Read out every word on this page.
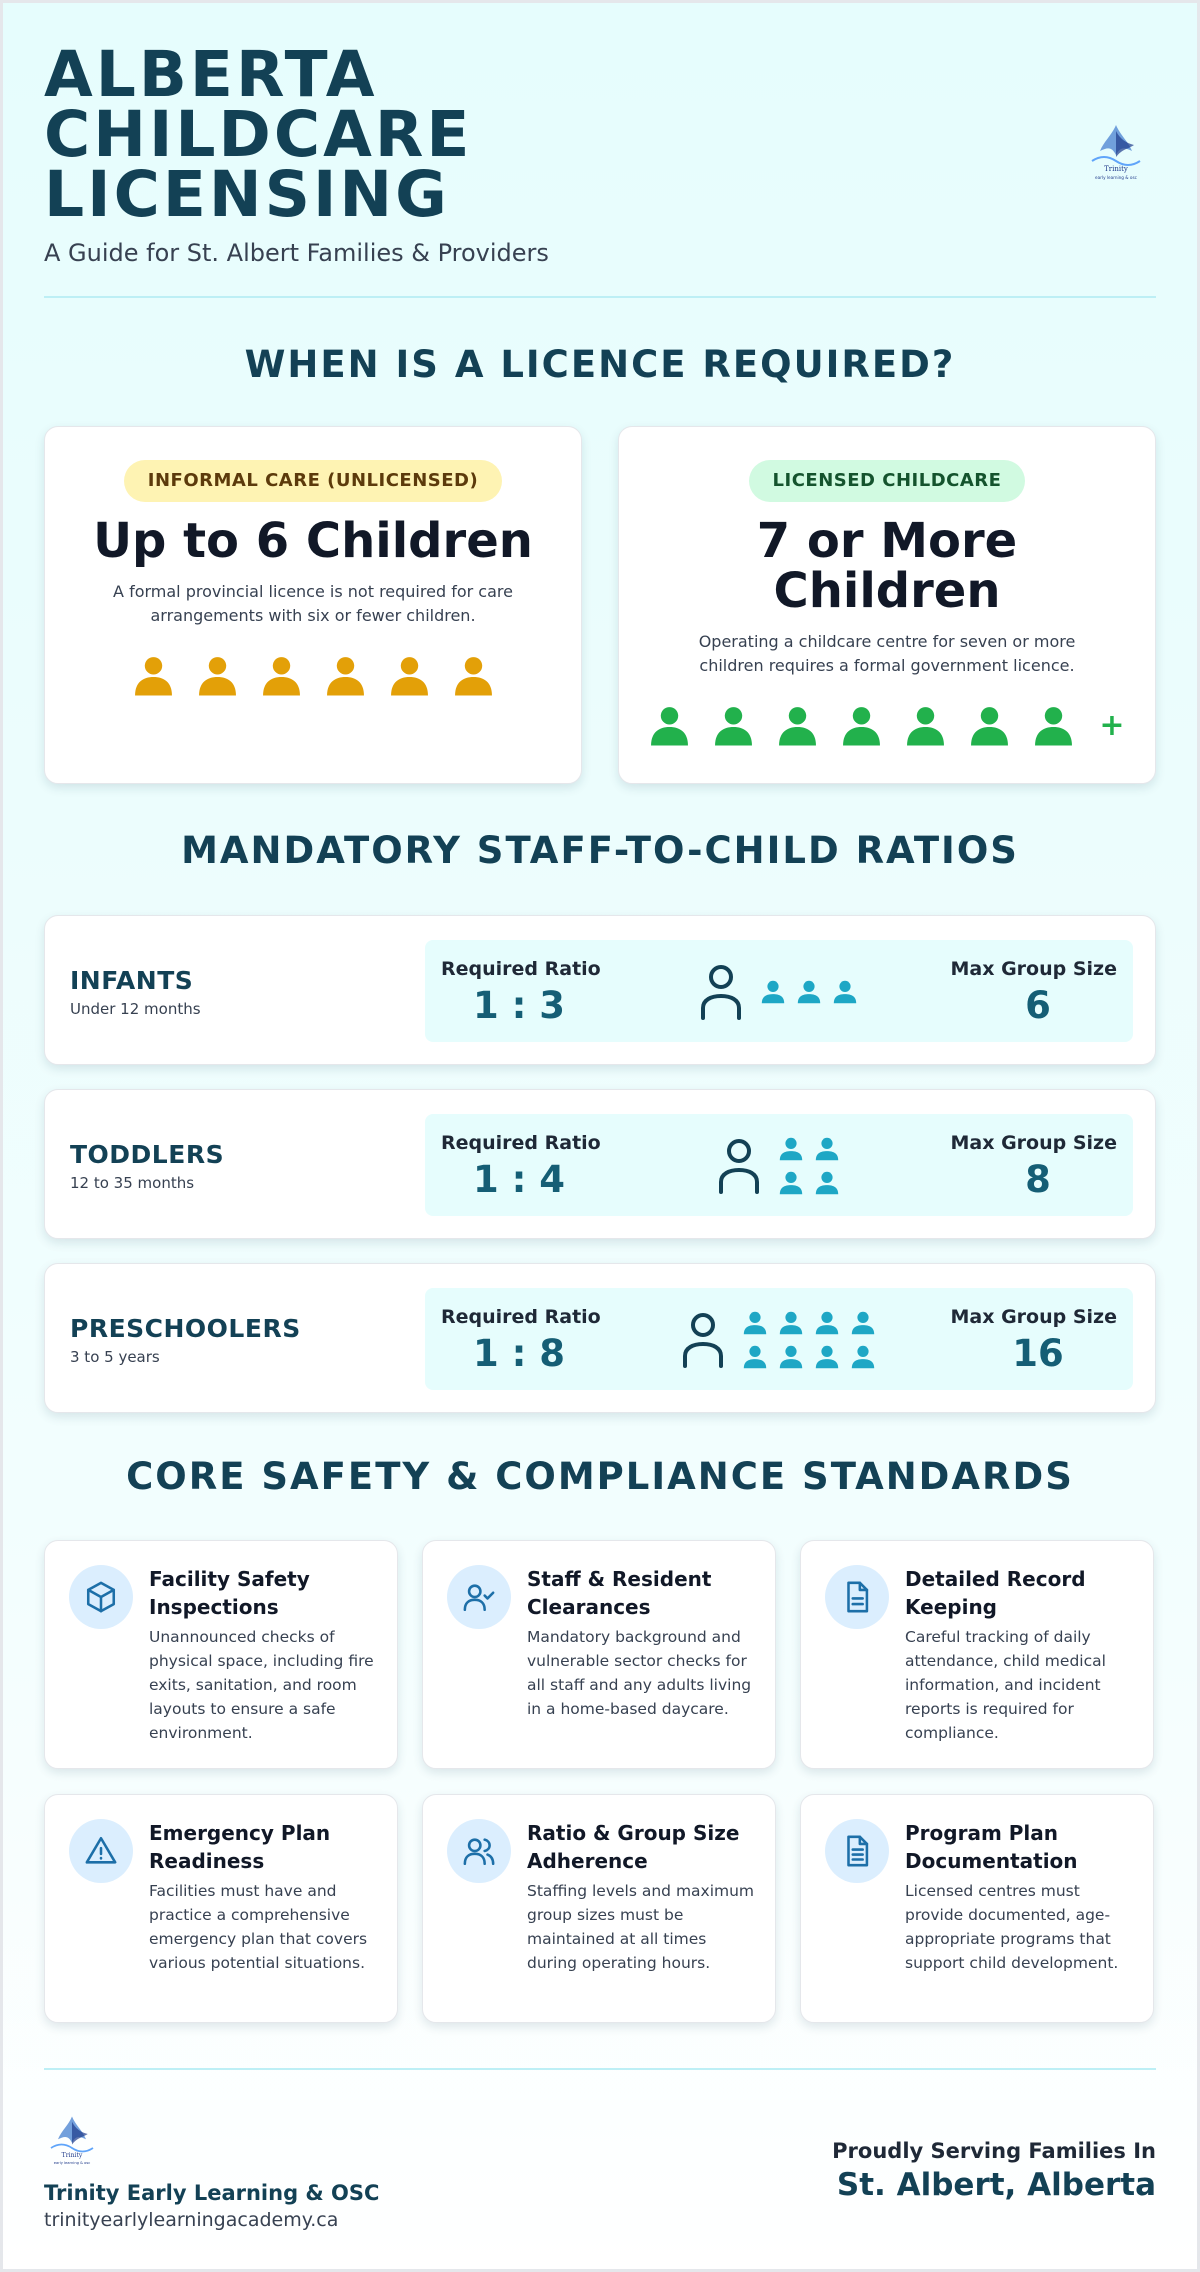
ALBERTA
CHILDCARE
LICENSING
A Guide for St. Albert Families & Providers
Trinity
early learning & osc
WHEN IS A LICENCE REQUIRED?
INFORMAL CARE (UNLICENSED)
Up to 6 Children
A formal provincial licence is not required for care arrangements with six or fewer children.
LICENSED CHILDCARE
7 or More Children
Operating a childcare centre for seven or more children requires a formal government licence.
+
MANDATORY STAFF-TO-CHILD RATIOS
INFANTS
Under 12 months
Required Ratio
1 : 3
Max Group Size
6
TODDLERS
12 to 35 months
Required Ratio
1 : 4
Max Group Size
8
PRESCHOOLERS
3 to 5 years
Required Ratio
1 : 8
Max Group Size
16
CORE SAFETY & COMPLIANCE STANDARDS
Facility Safety Inspections
Unannounced checks of physical space, including fire exits, sanitation, and room layouts to ensure a safe environment.
Staff & Resident Clearances
Mandatory background and vulnerable sector checks for all staff and any adults living in a home-based daycare.
Detailed Record Keeping
Careful tracking of daily attendance, child medical information, and incident reports is required for compliance.
Emergency Plan Readiness
Facilities must have and practice a comprehensive emergency plan that covers various potential situations.
Ratio & Group Size Adherence
Staffing levels and maximum group sizes must be maintained at all times during operating hours.
Program Plan Documentation
Licensed centres must provide documented, age-appropriate programs that support child development.
Trinity
early learning & osc
Trinity Early Learning & OSC
trinityearlylearningacademy.ca
Proudly Serving Families In
St. Albert, Alberta
